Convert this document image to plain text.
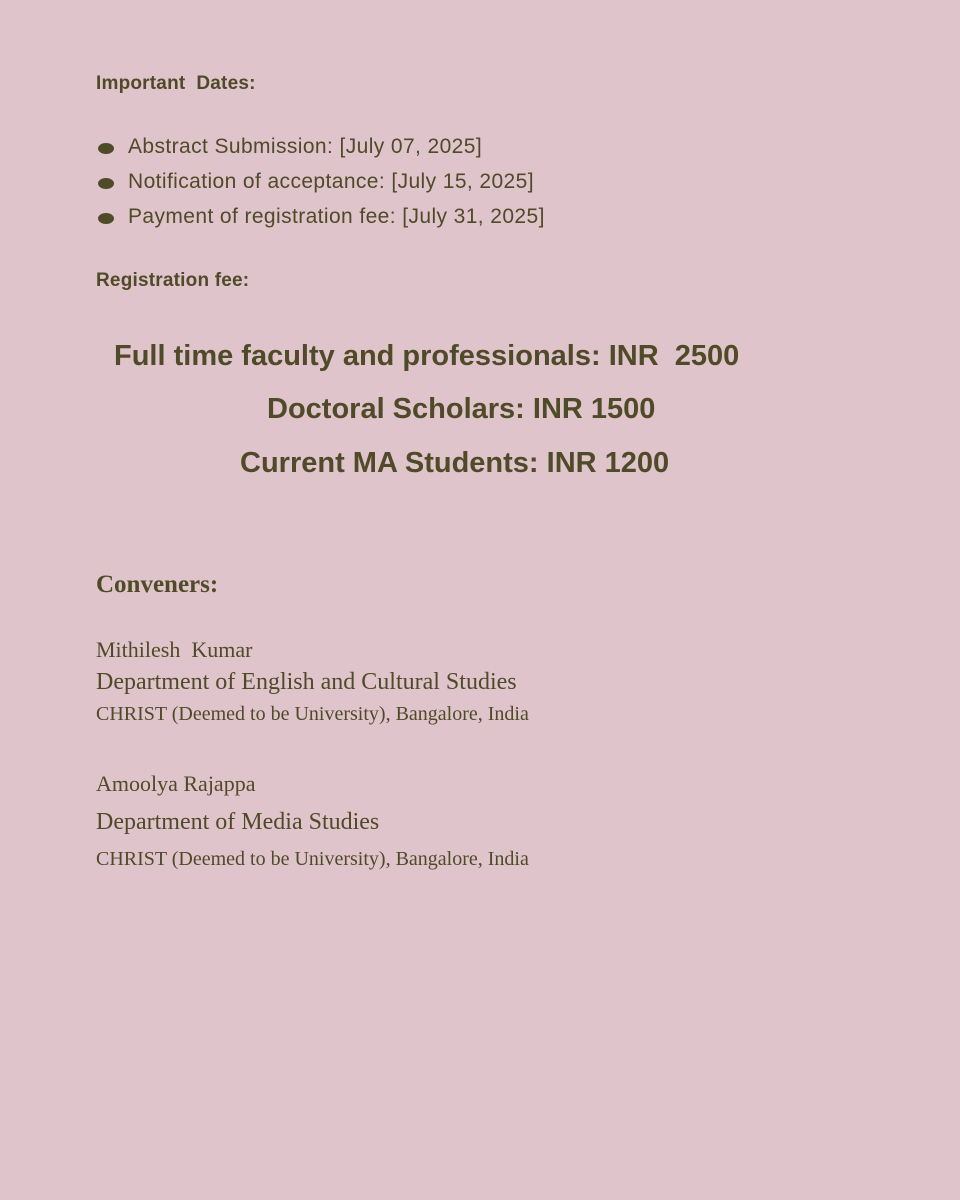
Important  Dates:
Abstract Submission: [July 07, 2025]
Notification of acceptance: [July 15, 2025]
Payment of registration fee: [July 31, 2025]
Registration fee:
Full time faculty and professionals: INR  2500
Doctoral Scholars: INR 1500
Current MA Students: INR 1200
Conveners:
Mithilesh  Kumar
Department of English and Cultural Studies
CHRIST (Deemed to be University), Bangalore, India
Amoolya Rajappa
Department of Media Studies
CHRIST (Deemed to be University), Bangalore, India
